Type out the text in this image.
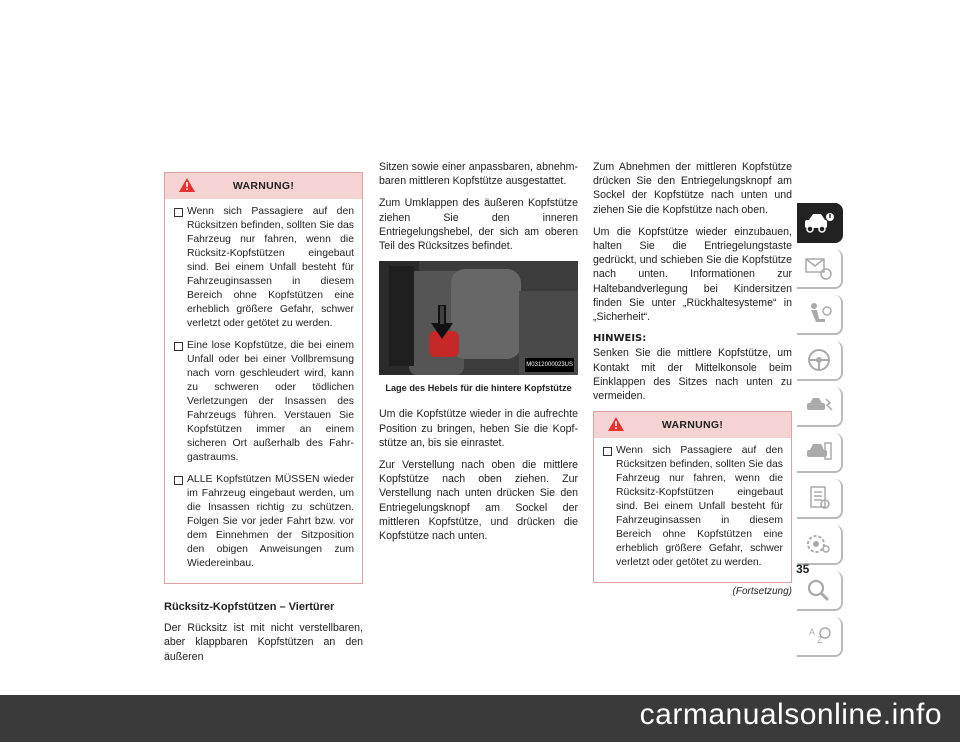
WARNUNG!
Wenn sich Passagiere auf den Rücksitzen befinden, sollten Sie das Fahrzeug nur fahren, wenn die Rücksitz-Kopfstützen eingebaut sind. Bei einem Unfall besteht für Fahrzeuginsassen in diesem Bereich ohne Kopfstützen eine erheblich größere Gefahr, schwer verletzt oder getötet zu werden.
Eine lose Kopfstütze, die bei einem Unfall oder bei einer Vollbremsung nach vorn geschleudert wird, kann zu schweren oder tödlichen Verletzungen der Insassen des Fahrzeugs führen. Verstauen Sie Kopfstützen immer an einem sicheren Ort außerhalb des Fahrgastraums.
ALLE Kopfstützen MÜSSEN wieder im Fahrzeug eingebaut werden, um die Insassen richtig zu schützen. Folgen Sie vor jeder Fahrt bzw. vor dem Einnehmen der Sitzposition den obigen Anweisungen zum Wiedereinbau.
Rücksitz-Kopfstützen – Viertürer

Der Rücksitz ist mit nicht verstellbaren, aber klappbaren Kopfstützen an den äußeren

Sitzen sowie einer anpassbaren, abnehmbaren mittleren Kopfstütze ausgestattet.

Zum Umklappen des äußeren Kopfstütze ziehen Sie den inneren Entriegelungshebel, der sich am oberen Teil des Rücksitzes befindet.

M0312000023US

Lage des Hebels für die hintere Kopfstütze

Um die Kopfstütze wieder in die aufrechte Position zu bringen, heben Sie die Kopfstütze an, bis sie einrastet.

Zur Verstellung nach oben die mittlere Kopfstütze nach oben ziehen. Zur Verstellung nach unten drücken Sie den Entriegelungsknopf am Sockel der mittleren Kopfstütze, und drücken die Kopfstütze nach unten.

Zum Abnehmen der mittleren Kopfstütze drücken Sie den Entriegelungsknopf am Sockel der Kopfstütze nach unten und ziehen Sie die Kopfstütze nach oben.

Um die Kopfstütze wieder einzubauen, halten Sie die Entriegelungstaste gedrückt, und schieben Sie die Kopfstütze nach unten. Informationen zur Haltebandverlegung bei Kindersitzen finden Sie unter „Rückhaltesysteme“ in „Sicherheit“.

HINWEIS:

Senken Sie die mittlere Kopfstütze, um Kontakt mit der Mittelkonsole beim Einklappen des Sitzes nach unten zu vermeiden.

WARNUNG!
Wenn sich Passagiere auf den Rücksitzen befinden, sollten Sie das Fahrzeug nur fahren, wenn die Rücksitz-Kopfstützen eingebaut sind. Bei einem Unfall besteht für Fahrzeuginsassen in diesem Bereich ohne Kopfstützen eine erheblich größere Gefahr, schwer verletzt oder getötet zu werden.
(Fortsetzung)
A
Z
35
carmanualsonline.info
